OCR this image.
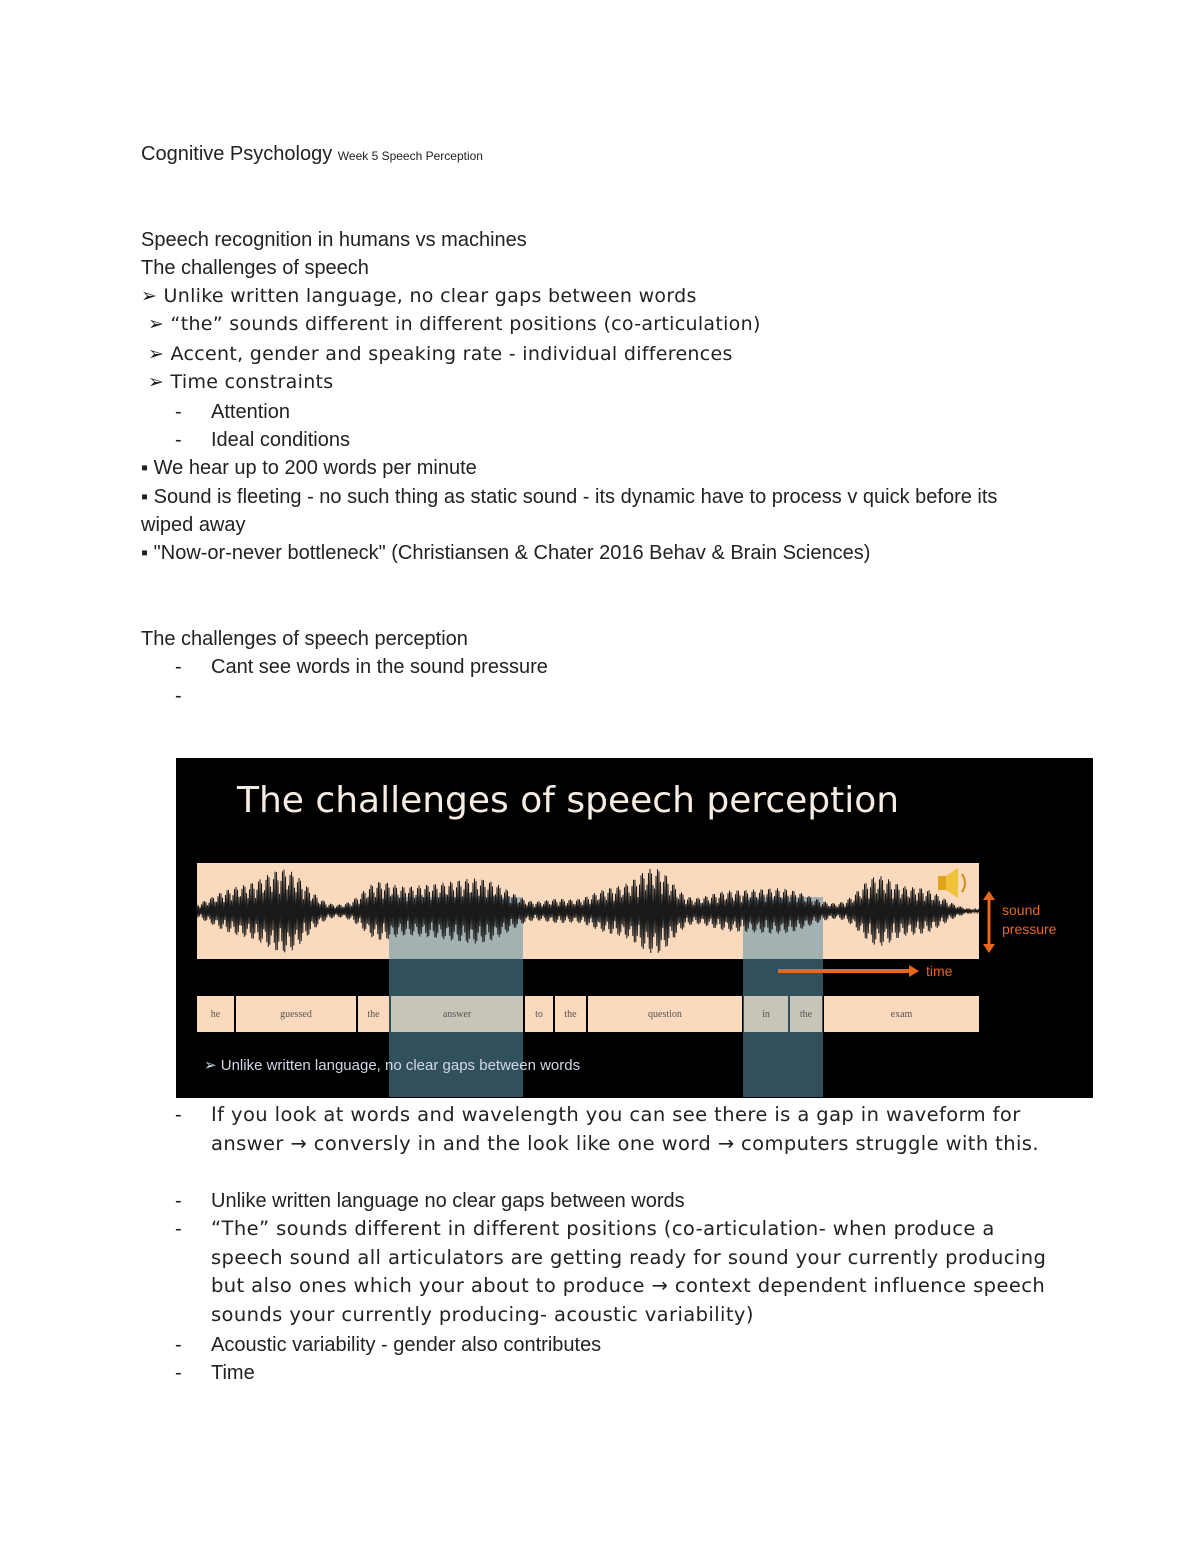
Cognitive Psychology Week 5 Speech Perception
Speech recognition in humans vs machines
The challenges of speech
➢ Unlike written language, no clear gaps between words
➢ “the” sounds different in different positions (co-articulation)
➢ Accent, gender and speaking rate - individual differences
➢ Time constraints
- Attention
- Ideal conditions
▪ We hear up to 200 words per minute
▪ Sound is fleeting - no such thing as static sound - its dynamic have to process v quick before its wiped away
▪ "Now-or-never bottleneck" (Christiansen & Chater 2016 Behav & Brain Sciences)
The challenges of speech perception
- Cant see words in the sound pressure
-
The challenges of speech perception
sound
pressure
time
➢ Unlike written language, no clear gaps between words
he	guessed	the	answer	to	the	question	in	the	exam
- If you look at words and wavelength you can see there is a gap in waveform for answer → conversly in and the look like one word → computers struggle with this.
- Unlike written language no clear gaps between words
- “The” sounds different in different positions (co-articulation- when produce a speech sound all articulators are getting ready for sound your currently producing but also ones which your about to produce → context dependent influence speech sounds your currently producing- acoustic variability)
- Acoustic variability - gender also contributes
- Time
